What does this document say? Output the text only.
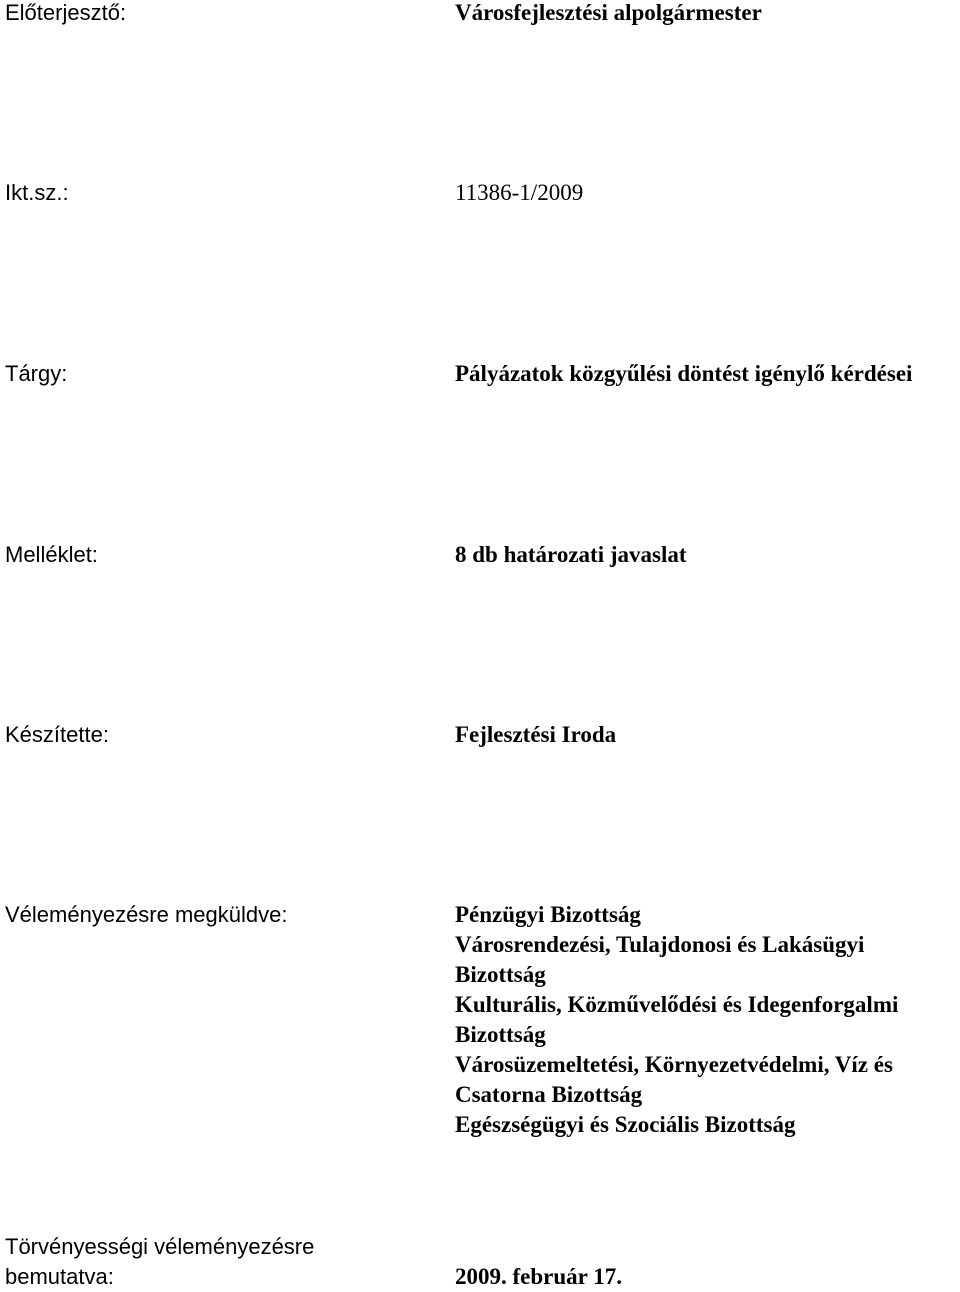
Előterjesztő:	Városfejlesztési alpolgármester
Ikt.sz.:	11386-1/2009
Tárgy:	Pályázatok közgyűlési döntést igénylő kérdései
Melléklet:	8 db határozati javaslat
Készítette:	Fejlesztési Iroda
Véleményezésre megküldve:	Pénzügyi Bizottság
Városrendezési, Tulajdonosi és Lakásügyi Bizottság
Kulturális, Közművelődési és Idegenforgalmi Bizottság
Városüzemeltetési, Környezetvédelmi, Víz és Csatorna Bizottság
Egészségügyi és Szociális Bizottság
Törvényességi véleményezésre
bemutatva:	2009. február 17.
